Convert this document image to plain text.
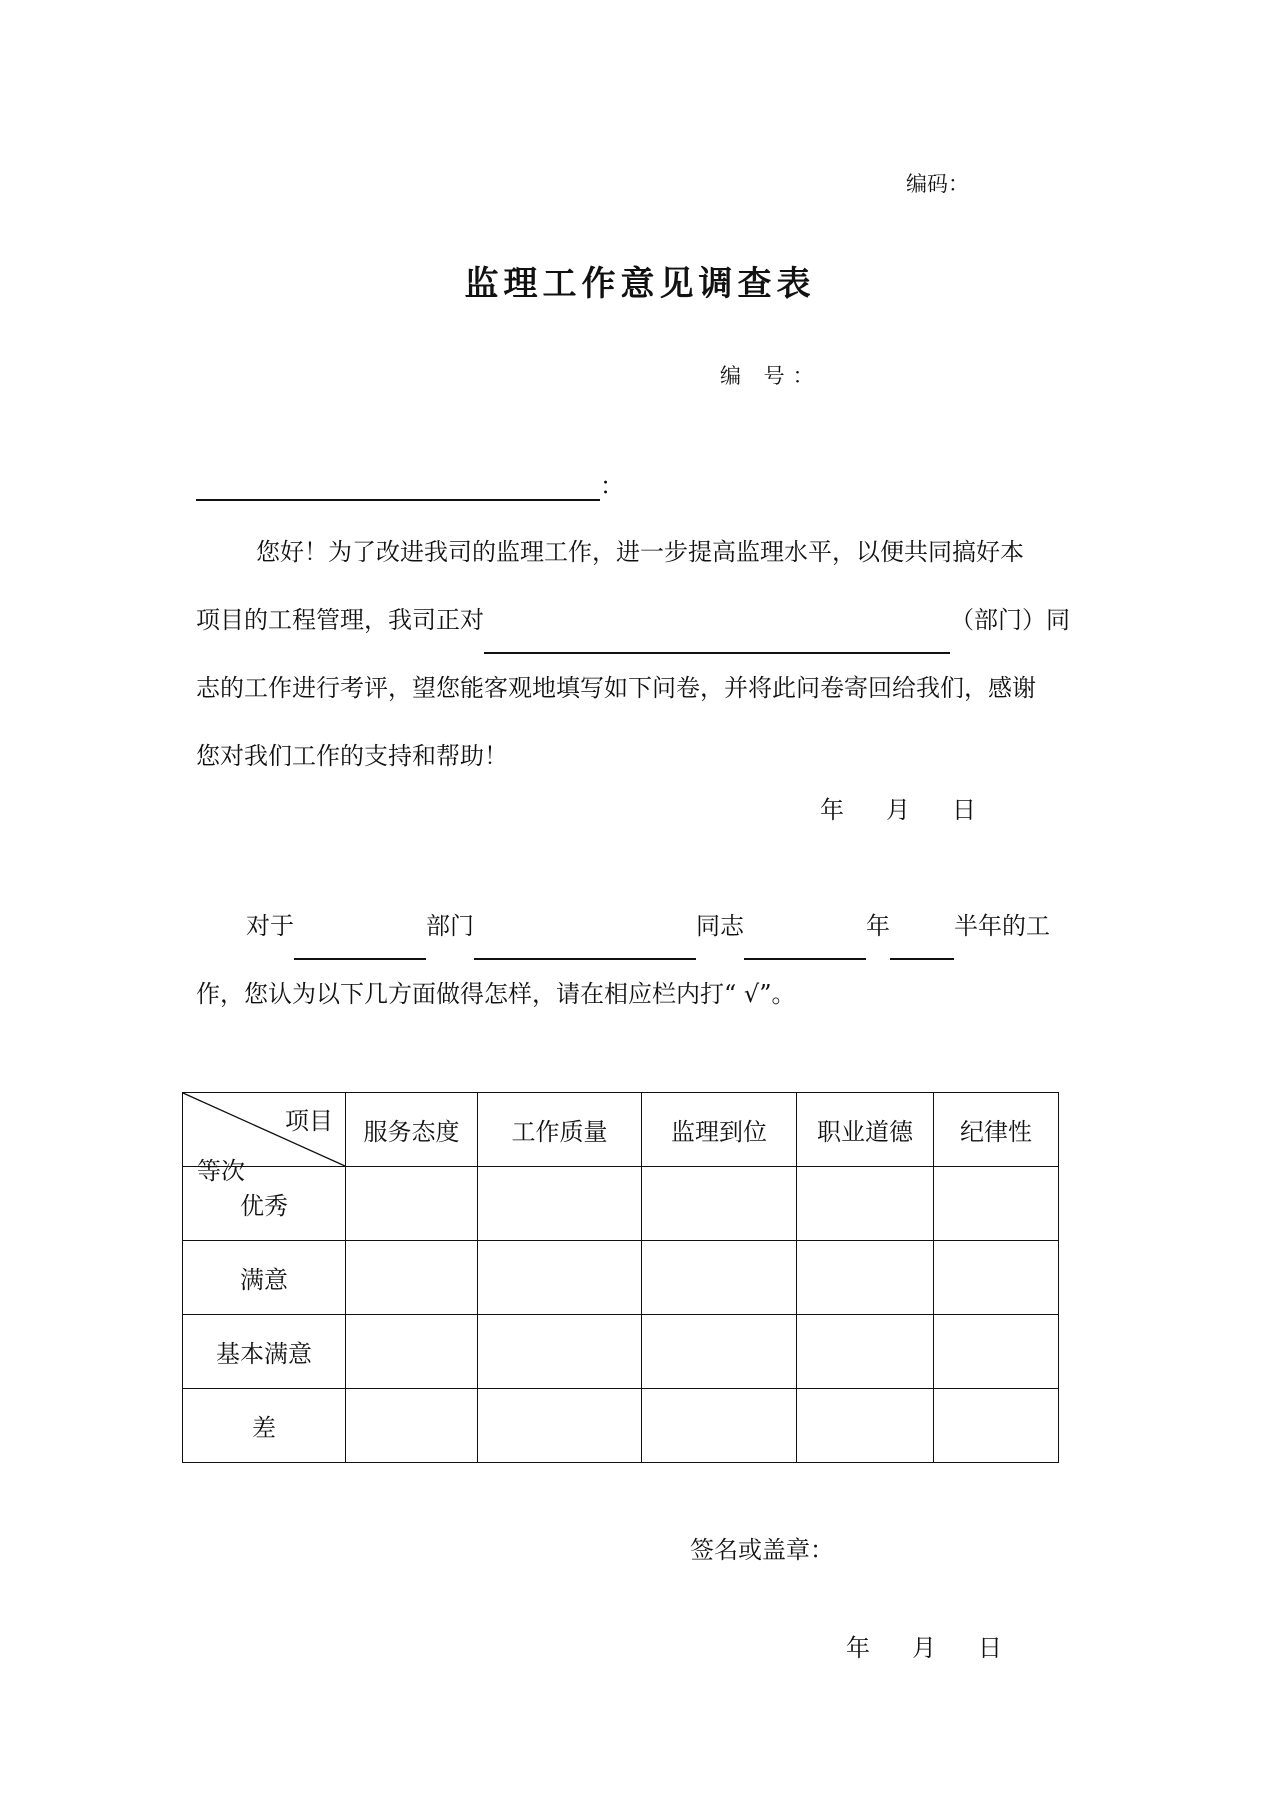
编码：
监理工作意见调查表
编 号：
：

您好！为了改进我司的监理工作，进一步提高监理水平，以便共同搞好本

项目的工程管理，我司正对	（部门）同

志的工作进行考评，望您能客观地填写如下问卷，并将此问卷寄回给我们，感谢

您对我们工作的支持和帮助！

年 月 日

对于	部门	同志	年	半年的工

作，您认为以下几方面做得怎样，请在相应栏内打“ √”。

项目
等次	服务态度	工作质量	监理到位	职业道德	纪律性
优秀					
满意					
基本满意					
差					
签名或盖章：
年 月 日
